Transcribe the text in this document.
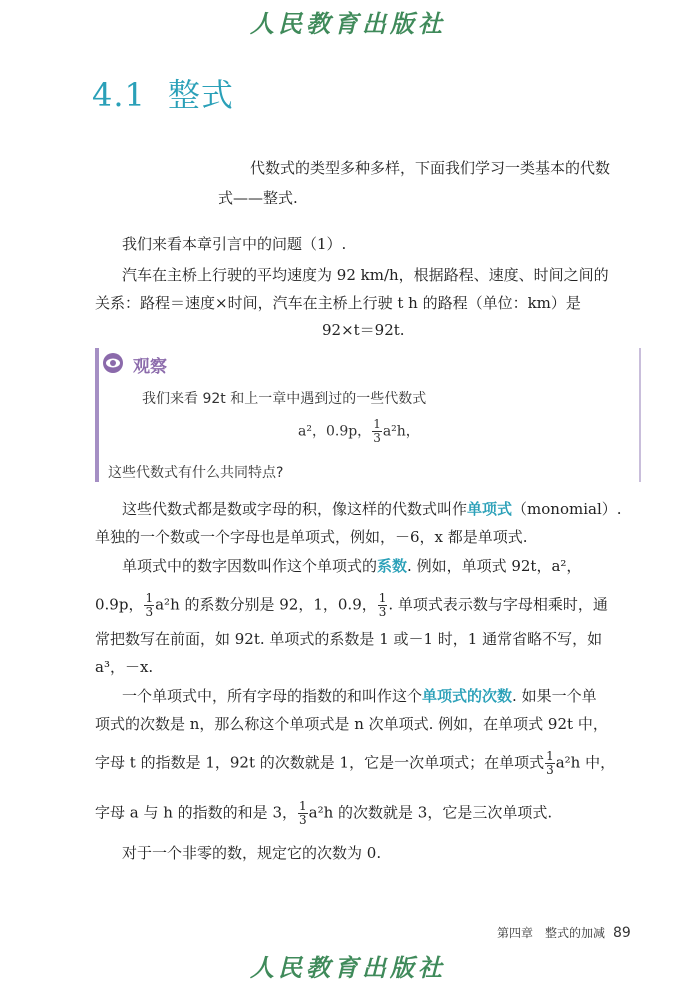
人民教育出版社
4.1 整式
代数式的类型多种多样，下面我们学习一类基本的代数
式——整式.
我们来看本章引言中的问题（1）.
汽车在主桥上行驶的平均速度为 92 km/h，根据路程、速度、时间之间的
关系：路程＝速度×时间，汽车在主桥上行驶 t h 的路程（单位：km）是
92×t＝92t.
观察
我们来看 92t 和上一章中遇到过的一些代数式
a²，0.9p， $\frac{1}{3} a^2h$，
这些代数式有什么共同特点?
这些代数式都是数或字母的积，像这样的代数式叫作单项式（monomial）.
单独的一个数或一个字母也是单项式，例如，－6，x 都是单项式.
单项式中的数字因数叫作这个单项式的系数. 例如，单项式 92t，a²，
0.9p， $\frac{1}{3} a^2h$ 的系数分别是 92，1，0.9， $\frac{1}{3}$ . 单项式表示数与字母相乘时，通
常把数写在前面，如 92t. 单项式的系数是 1 或－1 时，1 通常省略不写，如
a³，－x.
一个单项式中，所有字母的指数的和叫作这个单项式的次数. 如果一个单
项式的次数是 n，那么称这个单项式是 n 次单项式. 例如，在单项式 92t 中，
字母 t 的指数是 1，92t 的次数就是 1，它是一次单项式；在单项式 $\frac{1}{3} a^2h$ 中，
字母 a 与 h 的指数的和是 3， $\frac{1}{3} a^2h$ 的次数就是 3，它是三次单项式.
对于一个非零的数，规定它的次数为 0.
第四章　整式的加减 89
人民教育出版社
